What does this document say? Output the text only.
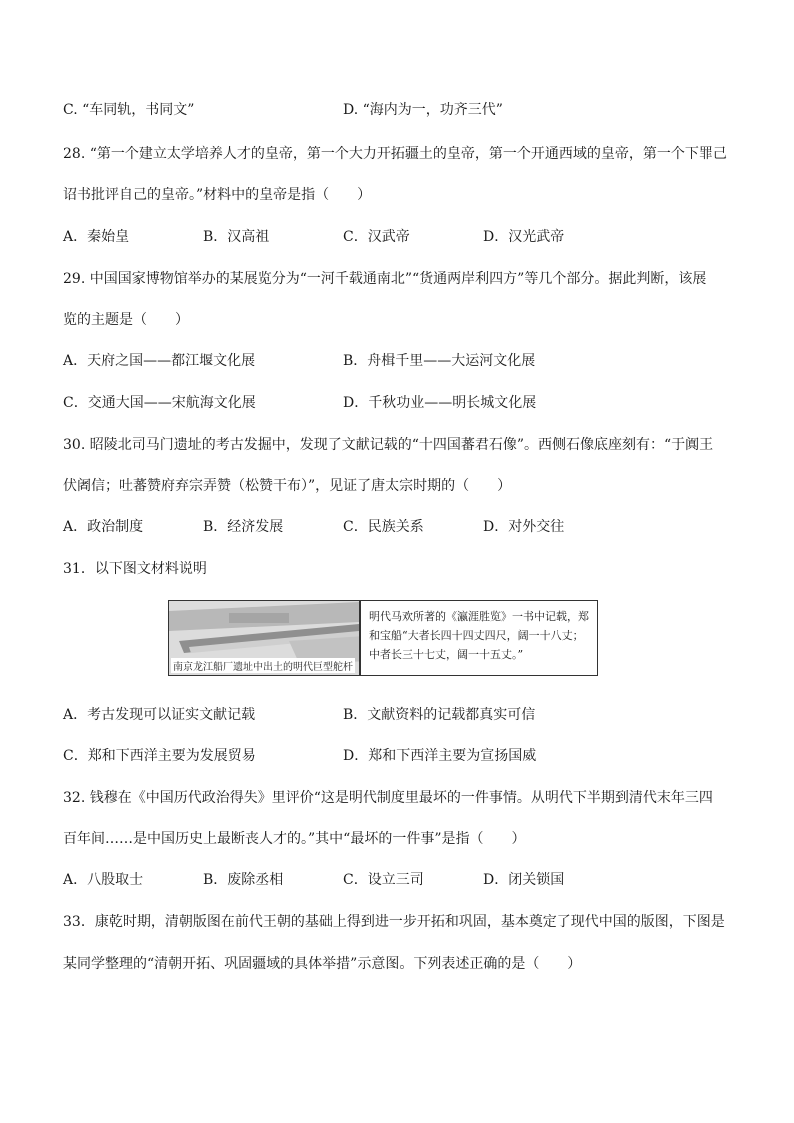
C. “车同轨，书同文”	D. “海内为一，功齐三代”
28. “第一个建立太学培养人才的皇帝，第一个大力开拓疆土的皇帝，第一个开通西域的皇帝，第一个下罪己
诏书批评自己的皇帝。”材料中的皇帝是指（　　）
A．秦始皇	B．汉高祖	C．汉武帝	D．汉光武帝
29. 中国国家博物馆举办的某展览分为“一河千载通南北”“货通两岸利四方”等几个部分。据此判断，该展
览的主题是（　　）
A．天府之国——都江堰文化展	B．舟楫千里——大运河文化展
C．交通大国——宋航海文化展	D．千秋功业——明长城文化展
30. 昭陵北司马门遗址的考古发掘中，发现了文献记载的“十四国蕃君石像”。西侧石像底座刻有：“于阗王
伏阇信；吐蕃赞府弃宗弄赞（松赞干布）”，见证了唐太宗时期的（　　）
A．政治制度	B．经济发展	C．民族关系	D．对外交往
31．以下图文材料说明
南京龙江船厂遗址中出土的明代巨型舵杆
明代马欢所著的《瀛涯胜览》一书中记载，郑
和宝船“大者长四十四丈四尺，阔一十八丈；
中者长三十七丈，阔一十五丈。”
A．考古发现可以证实文献记载	B．文献资料的记载都真实可信
C．郑和下西洋主要为发展贸易	D．郑和下西洋主要为宣扬国威
32. 钱穆在《中国历代政治得失》里评价“这是明代制度里最坏的一件事情。从明代下半期到清代末年三四
百年间……是中国历史上最断丧人才的。”其中“最坏的一件事”是指（　　）
A．八股取士	B．废除丞相	C．设立三司	D．闭关锁国
33．康乾时期，清朝版图在前代王朝的基础上得到进一步开拓和巩固，基本奠定了现代中国的版图，下图是
某同学整理的“清朝开拓、巩固疆域的具体举措”示意图。下列表述正确的是（　　）
